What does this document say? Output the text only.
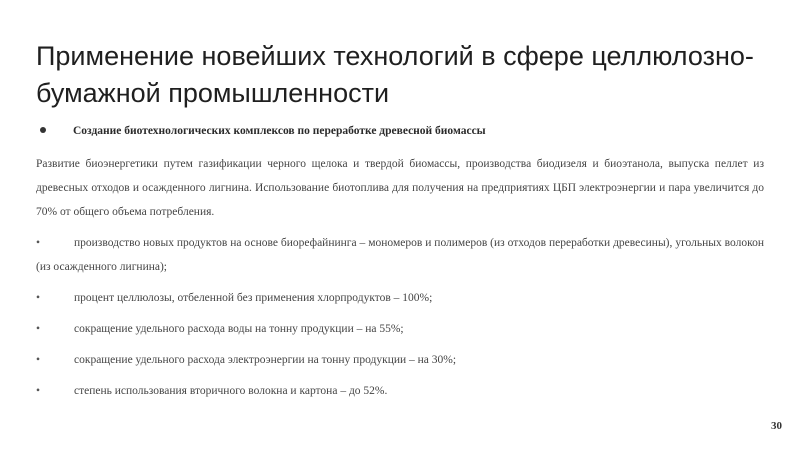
Применение новейших технологий в сфере целлюлозно-бумажной промышленности
Создание биотехнологических комплексов по переработке древесной биомассы

Развитие биоэнергетики путем газификации черного щелока и твердой биомассы, производства биодизеля и биоэтанола, выпуска пеллет из древесных отходов и осажденного лигнина. Использование биотоплива для получения на предприятиях ЦБП электроэнергии и пара увеличится до 70% от общего объема потребления.

•	производство новых продуктов на основе биорефайнинга – мономеров и полимеров (из отходов переработки древесины), угольных волокон (из осажденного лигнина);
•	процент целлюлозы, отбеленной без применения хлорпродуктов – 100%;
•	сокращение удельного расхода воды на тонну продукции – на 55%;
•	сокращение удельного расхода электроэнергии на тонну продукции – на 30%;
•	степень использования вторичного волокна и картона – до 52%.
30
